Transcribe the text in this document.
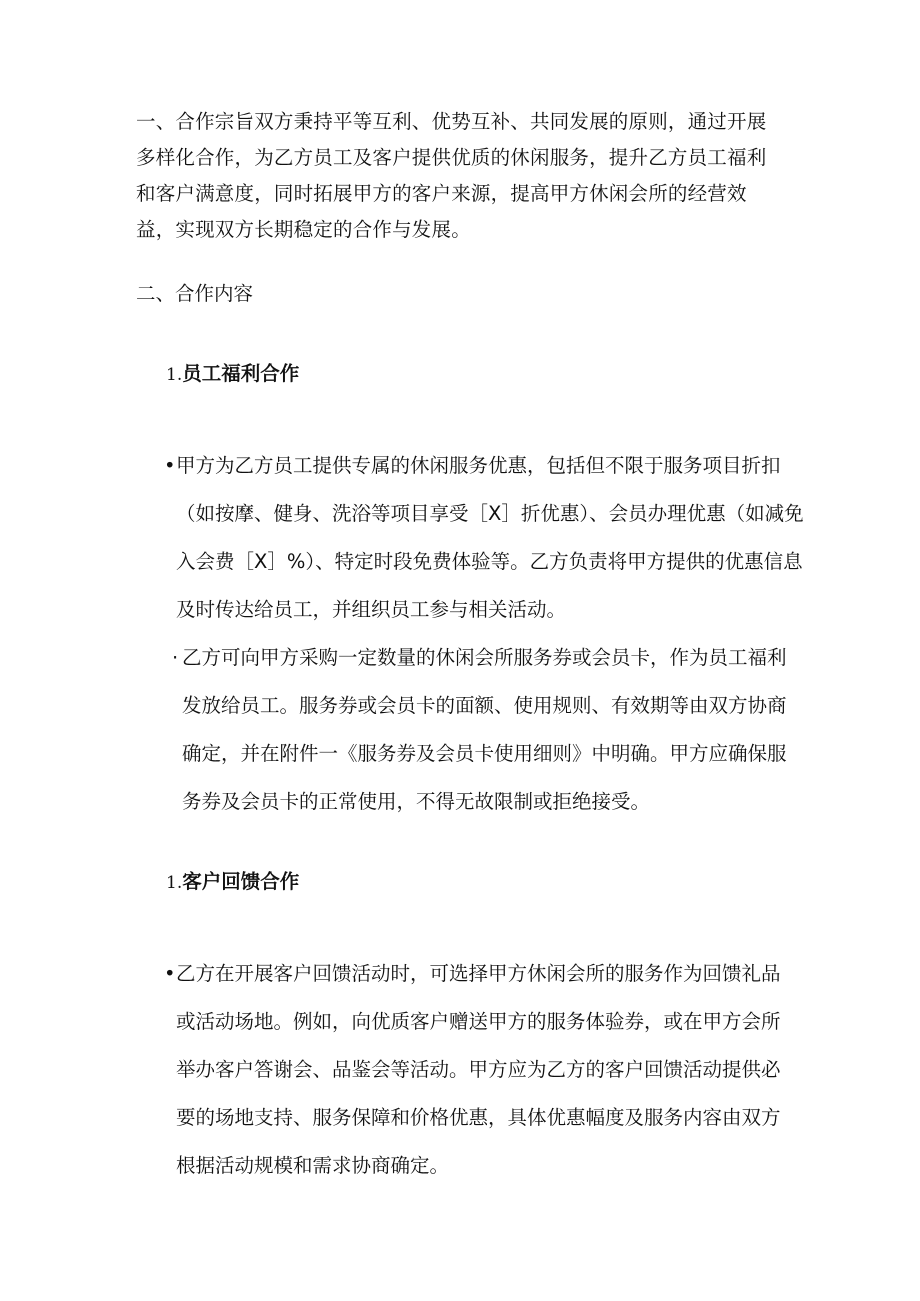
一、合作宗旨双方秉持平等互利、优势互补、共同发展的原则，通过开展多样化合作，为乙方员工及客户提供优质的休闲服务，提升乙方员工福利和客户满意度，同时拓展甲方的客户来源，提高甲方休闲会所的经营效益，实现双方长期稳定的合作与发展。

二、合作内容

1.员工福利合作

• 甲方为乙方员工提供专属的休闲服务优惠，包括但不限于服务项目折扣（如按摩、健身、洗浴等项目享受［X］折优惠）、会员办理优惠（如减免入会费［X］%）、特定时段免费体验等。乙方负责将甲方提供的优惠信息及时传达给员工，并组织员工参与相关活动。
· 乙方可向甲方采购一定数量的休闲会所服务券或会员卡，作为员工福利发放给员工。服务券或会员卡的面额、使用规则、有效期等由双方协商确定，并在附件一《服务券及会员卡使用细则》中明确。甲方应确保服务券及会员卡的正常使用，不得无故限制或拒绝接受。

1.客户回馈合作

• 乙方在开展客户回馈活动时，可选择甲方休闲会所的服务作为回馈礼品或活动场地。例如，向优质客户赠送甲方的服务体验券，或在甲方会所举办客户答谢会、品鉴会等活动。甲方应为乙方的客户回馈活动提供必要的场地支持、服务保障和价格优惠，具体优惠幅度及服务内容由双方根据活动规模和需求协商确定。
